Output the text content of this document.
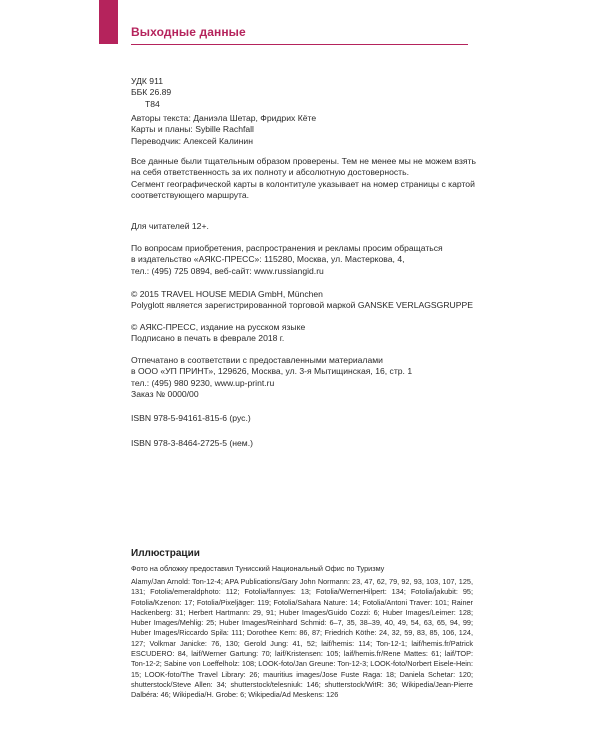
Выходные данные

УДК 911

ББК 26.89

Т84

Авторы текста: Даниэла Шетар, Фридрих Кёте

Карты и планы: Sybille Rachfall

Переводчик: Алексей Калинин

Все данные были тщательным образом проверены. Тем не менее мы не можем взять на себя ответственность за их полноту и абсолютную достоверность.

Сегмент географической карты в колонтитуле указывает на номер страницы с картой соответствующего маршрута.

Для читателей 12+.

По вопросам приобретения, распространения и рекламы просим обращаться

в издательство «АЯКС-ПРЕСС»: 115280, Москва, ул. Мастеркова, 4,

тел.: (495) 725 0894, веб-сайт: www.russiangid.ru

© 2015 TRAVEL HOUSE MEDIA GmbH, München

Polyglott является зарегистрированной торговой маркой GANSKE VERLAGSGRUPPE

© АЯКС-ПРЕСС, издание на русском языке

Подписано в печать в феврале 2018 г.

Отпечатано в соответствии с предоставленными материалами

в ООО «УП ПРИНТ», 129626, Москва, ул. 3-я Мытищинская, 16, стр. 1

тел.: (495) 980 9230, www.up-print.ru

Заказ № 0000/00

ISBN 978-5-94161-815-6 (рус.)

ISBN 978-3-8464-2725-5 (нем.)

Иллюстрации
Фото на обложку предоставил Тунисский Национальный Офис по Туризму
Alamy/Jan Arnold: Ton-12-4; APA Publications/Gary John Normann: 23, 47, 62, 79, 92, 93, 103, 107, 125, 131; Fotolia/emeraldphoto: 112; Fotolia/fannyes: 13; Fotolia/WernerHilpert: 134; Fotolia/jakubit: 95; Fotolia/Kzenon: 17; Fotolia/Pixeljäger: 119; Fotolia/Sahara Nature: 14; Fotolia/Antoni Traver: 101; Rainer Hackenberg: 31; Herbert Hartmann: 29, 91; Huber Images/Guido Cozzi: 6; Huber Images/Leimer: 128; Huber Images/Mehlig: 25; Huber Images/Reinhard Schmid: 6–7, 35, 38–39, 40, 49, 54, 63, 65, 94, 99; Huber Images/Riccardo Spila: 111; Dorothee Kern: 86, 87; Friedrich Köthe: 24, 32, 59, 83, 85, 106, 124, 127; Volkmar Janicke: 76, 130; Gerold Jung: 41, 52; laif/hemis: 114; Ton-12-1; laif/hemis.fr/Patrick ESCUDERO: 84, laif/Werner Gartung: 70; laif/Kristensen: 105; laif/hemis.fr/Rene Mattes: 61; laif/TOP: Ton-12-2; Sabine von Loeffelholz: 108; LOOK-foto/Jan Greune: Ton-12-3; LOOK-foto/Norbert Eisele-Hein: 15; LOOK-foto/The Travel Library: 26; mauritius images/Jose Fuste Raga: 18; Daniela Schetar: 120; shutterstock/Steve Allen: 34; shutterstock/telesniuk: 146; shutterstock/WitR: 36; Wikipedia/Jean-Pierre Dalbéra: 46; Wikipedia/H. Grobe: 6; Wikipedia/Ad Meskens: 126
